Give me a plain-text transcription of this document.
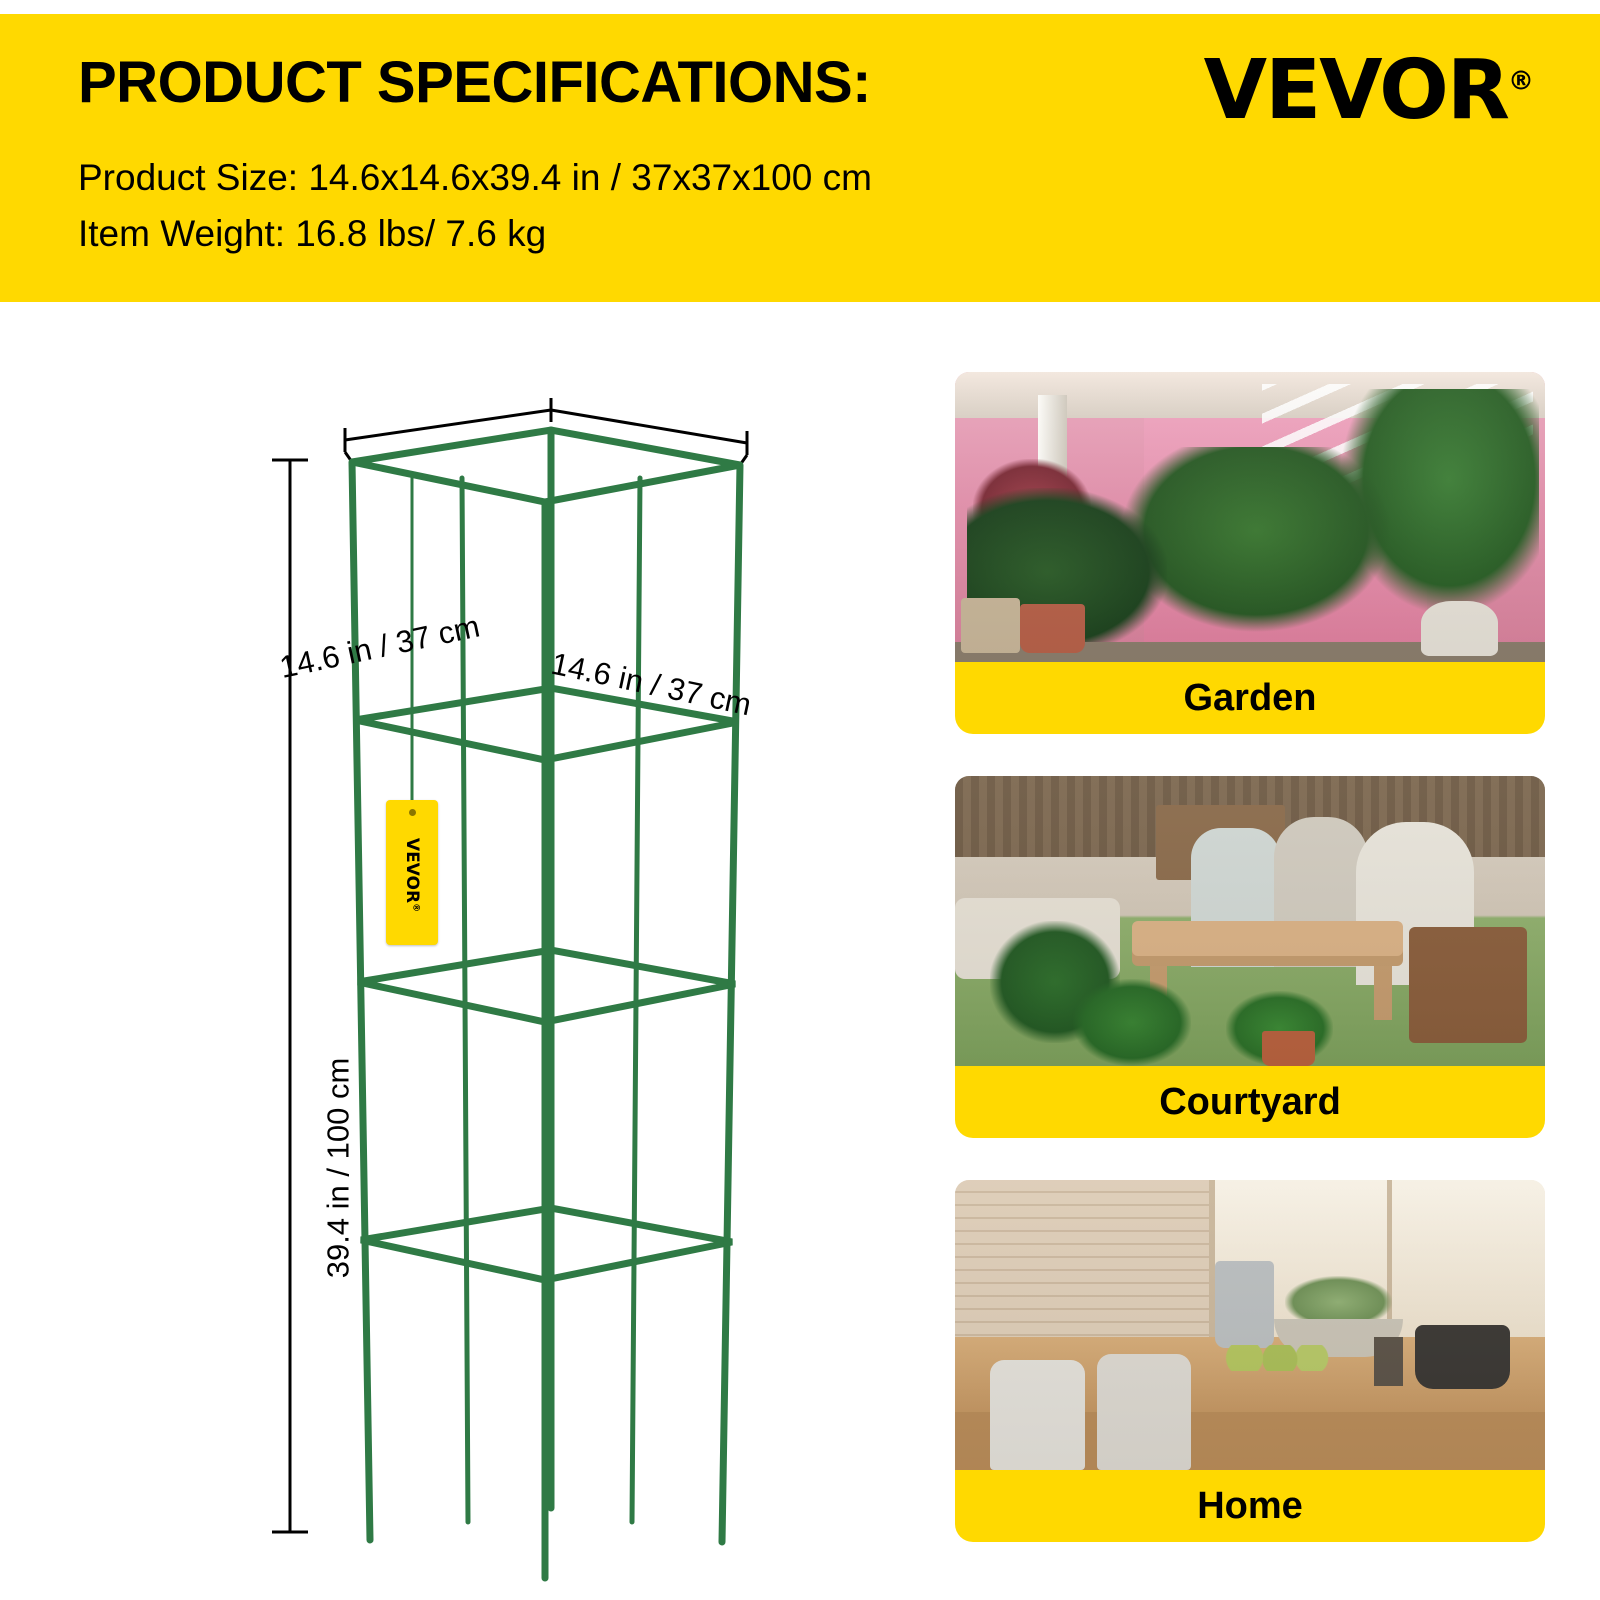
PRODUCT SPECIFICATIONS:
Product Size: 14.6x14.6x39.4 in / 37x37x100 cm
Item Weight: 16.8 lbs/ 7.6 kg
VEVOR®
14.6 in / 37 cm 14.6 in / 37 cm
39.4 in / 100 cm
VEVOR®
Garden
Courtyard
Home
